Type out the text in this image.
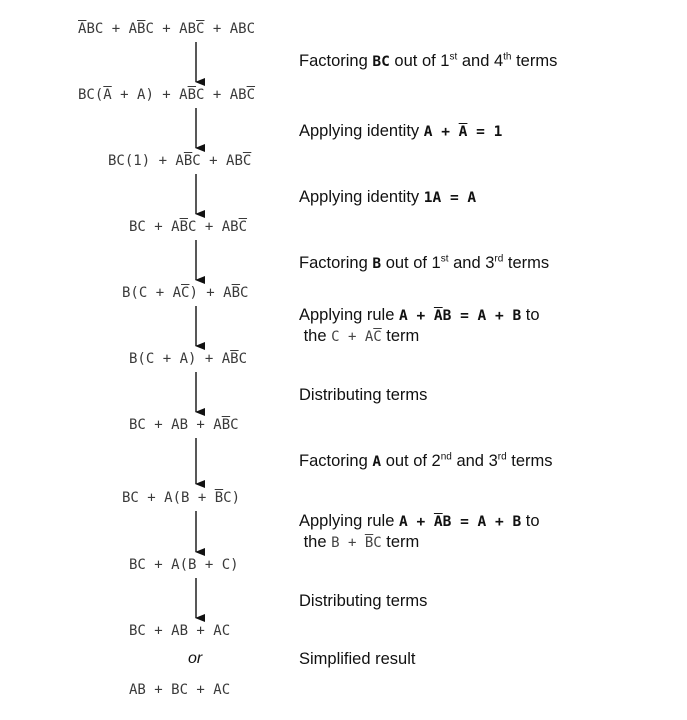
$\overline{A}BC + A\overline{B}C + AB\overline{C}$ + ABC
$BC(\overline{A} + A) + A\overline{B}C + AB\overline{C}$
$BC(1) + A\overline{B}C + AB\overline{C}$
BC + $A\overline{B}C + AB\overline{C}$
$B(C + A\overline{C}) + A\overline{B}C$
$B(C + A) + A\overline{B}C$
BC + AB + $A\overline{B}C$
BC + $A(B + \overline{B}C)$
BC + A(B + C)
BC + AB + AC
or
AB + BC + AC
Factoring BC out of 1st and 4th terms
Applying identity $A + \overline{A} = 1$
Applying identity 1A = A
Factoring B out of 1st and 3rd terms
Applying rule $A + \overline{A}B = A + B$ to
the $C + A\overline{C}$ term
Distributing terms
Factoring A out of 2nd and 3rd terms
Applying rule $A + \overline{A}B = A + B$ to
the $B + \overline{B}C$ term
Distributing terms
Simplified result
